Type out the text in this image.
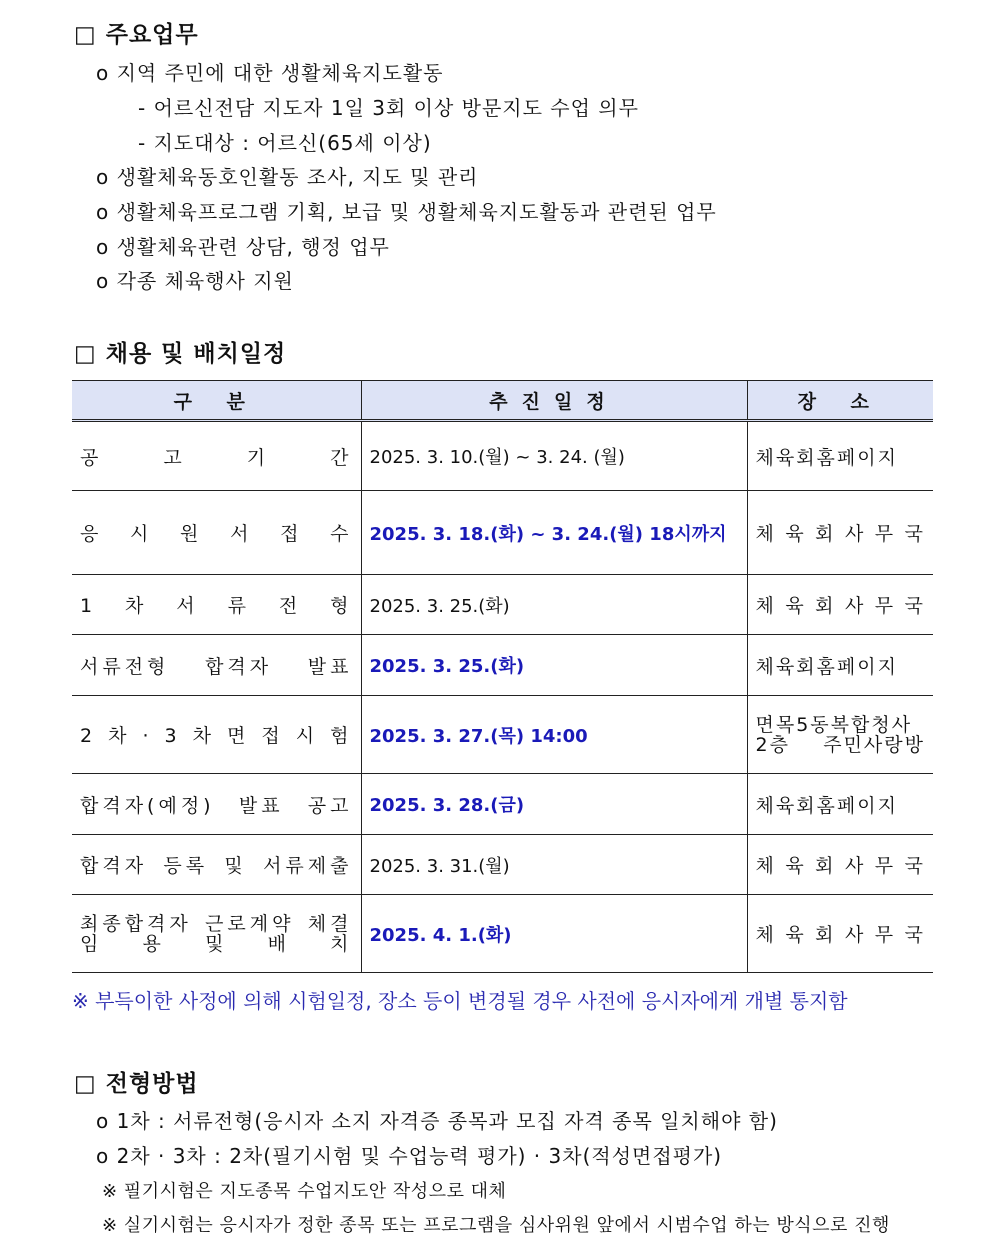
□ 주요업무
o 지역 주민에 대한 생활체육지도활동
- 어르신전담 지도자 1일 3회 이상 방문지도 수업 의무
- 지도대상 : 어르신(65세 이상)
o 생활체육동호인활동 조사, 지도 및 관리
o 생활체육프로그램 기획, 보급 및 생활체육지도활동과 관련된 업무
o 생활체육관련 상담, 행정 업무
o 각종 체육행사 지원
□ 채용 및 배치일정
구 분	추진일정	장 소
공 고 기 간	2025. 3. 10.(월) ~ 3. 24. (월)	체육회홈페이지
응 시 원 서 접 수	2025. 3. 18.(화) ~ 3. 24.(월) 18시까지	체 육 회 사 무 국
1 차 서 류 전 형	2025. 3. 25.(화)	체 육 회 사 무 국
서류전형 합격자 발표	2025. 3. 25.(화)	체육회홈페이지
2 차 · 3 차 면 접 시 험	2025. 3. 27.(목) 14:00	면목5동복합청사
2층 주민사랑방

합격자(예정) 발표 공고	2025. 3. 28.(금)	체육회홈페이지
합격자 등록 및 서류제출	2025. 3. 31.(월)	체 육 회 사 무 국

최종합격자 근로계약 체결
임 용 및 배 치	2025. 4. 1.(화)	체 육 회 사 무 국
※ 부득이한 사정에 의해 시험일정, 장소 등이 변경될 경우 사전에 응시자에게 개별 통지함
□ 전형방법
o 1차 : 서류전형(응시자 소지 자격증 종목과 모집 자격 종목 일치해야 함)
o 2차 · 3차 : 2차(필기시험 및 수업능력 평가) · 3차(적성면접평가)
※ 필기시험은 지도종목 수업지도안 작성으로 대체
※ 실기시험는 응시자가 정한 종목 또는 프로그램을 심사위원 앞에서 시범수업 하는 방식으로 진행
